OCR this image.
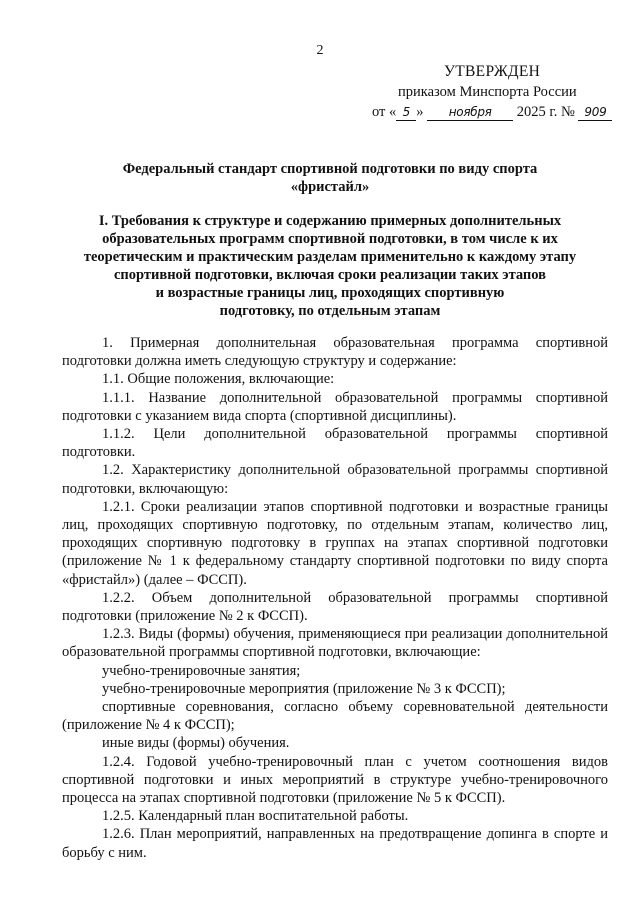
2
УТВЕРЖДЕН
приказом Минспорта России
от « 5 » ноября 2025 г. № 909
Федеральный стандарт спортивной подготовки по виду спорта
«фристайл»
I. Требования к структуре и содержанию примерных дополнительных
образовательных программ спортивной подготовки, в том числе к их
теоретическим и практическим разделам применительно к каждому этапу
спортивной подготовки, включая сроки реализации таких этапов
и возрастные границы лиц, проходящих спортивную
подготовку, по отдельным этапам

1. Примерная дополнительная образовательная программа спортивной подготовки должна иметь следующую структуру и содержание:

1.1. Общие положения, включающие:

1.1.1. Название дополнительной образовательной программы спортивной подготовки с указанием вида спорта (спортивной дисциплины).

1.1.2. Цели дополнительной образовательной программы спортивной подготовки.

1.2. Характеристику дополнительной образовательной программы спортивной подготовки, включающую:

1.2.1. Сроки реализации этапов спортивной подготовки и возрастные границы лиц, проходящих спортивную подготовку, по отдельным этапам, количество лиц, проходящих спортивную подготовку в группах на этапах спортивной подготовки (приложение № 1 к федеральному стандарту спортивной подготовки по виду спорта «фристайл») (далее – ФССП).

1.2.2. Объем дополнительной образовательной программы спортивной подготовки (приложение № 2 к ФССП).

1.2.3. Виды (формы) обучения, применяющиеся при реализации дополнительной образовательной программы спортивной подготовки, включающие:

учебно-тренировочные занятия;

учебно-тренировочные мероприятия (приложение № 3 к ФССП);

спортивные соревнования, согласно объему соревновательной деятельности (приложение № 4 к ФССП);

иные виды (формы) обучения.

1.2.4. Годовой учебно-тренировочный план с учетом соотношения видов спортивной подготовки и иных мероприятий в структуре учебно-тренировочного процесса на этапах спортивной подготовки (приложение № 5 к ФССП).

1.2.5. Календарный план воспитательной работы.

1.2.6. План мероприятий, направленных на предотвращение допинга в спорте и борьбу с ним.
